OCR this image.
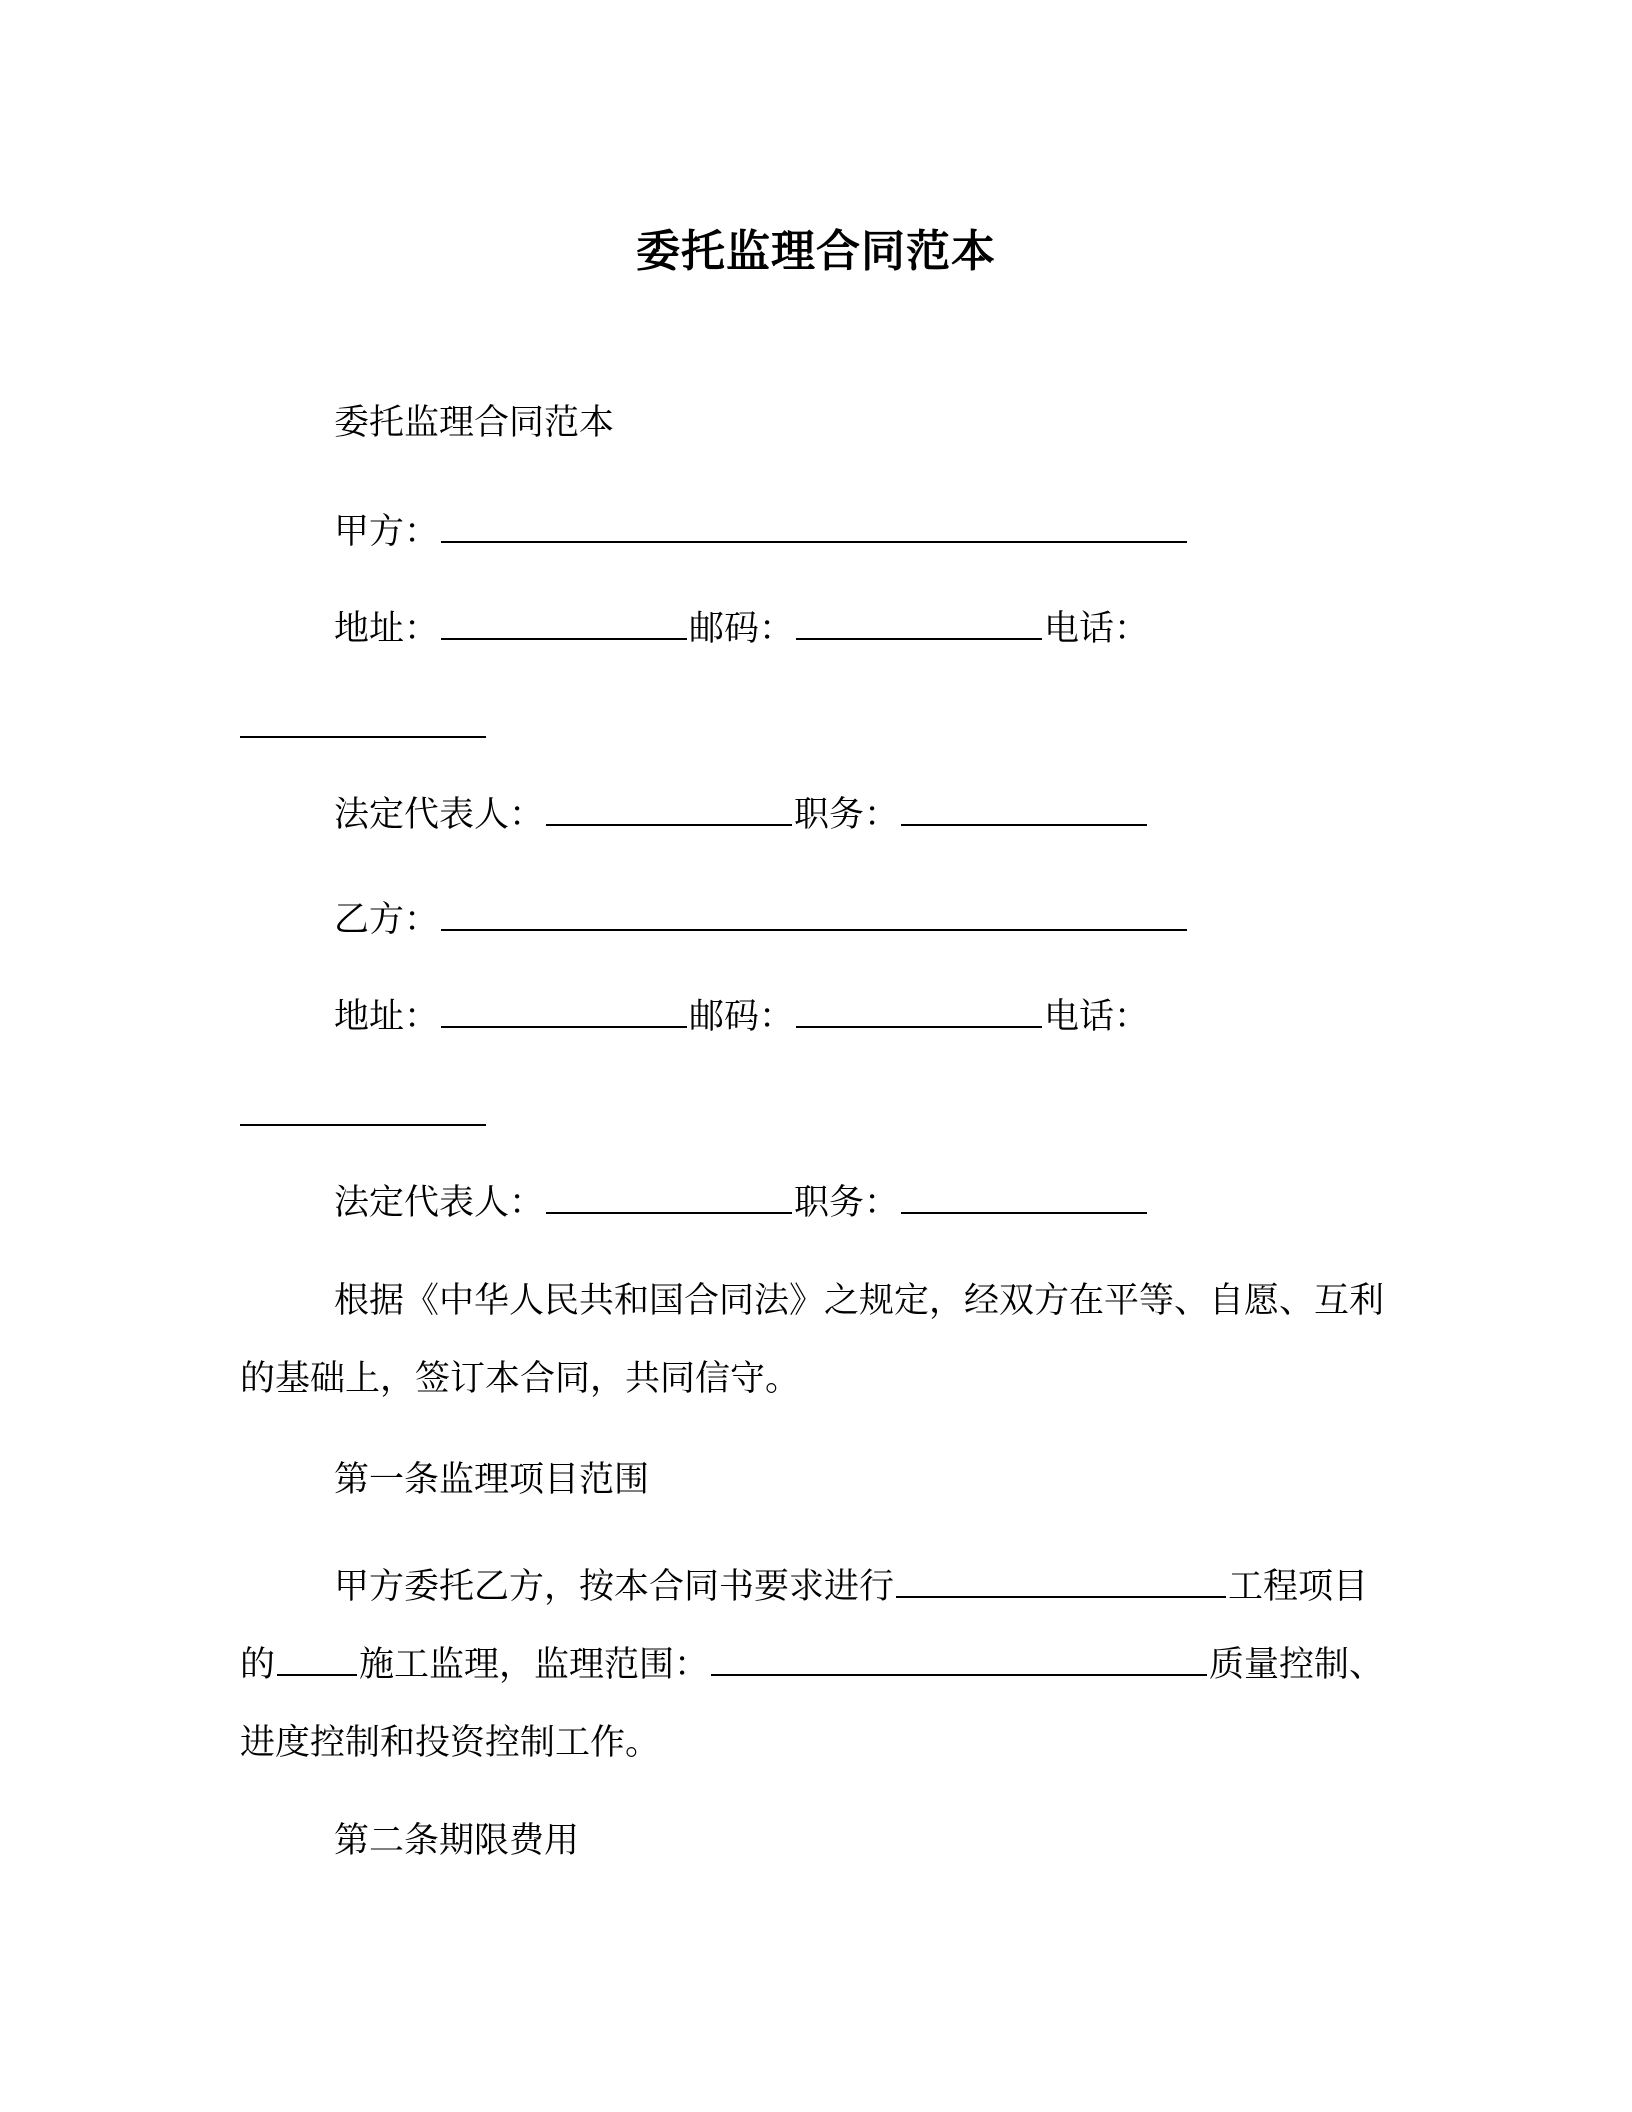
委托监理合同范本
委托监理合同范本
甲方：
地址：	邮码：	电话：
法定代表人：	职务：
乙方：
地址：	邮码：	电话：
法定代表人：	职务：
根据《中华人民共和国合同法》之规定，经双方在平等、自愿、互利的基础上，签订本合同，共同信守。
第一条监理项目范围
甲方委托乙方，按本合同书要求进行	工程项目的 施工监理，监理范围：	质量控制、进度控制和投资控制工作。
第二条期限费用
